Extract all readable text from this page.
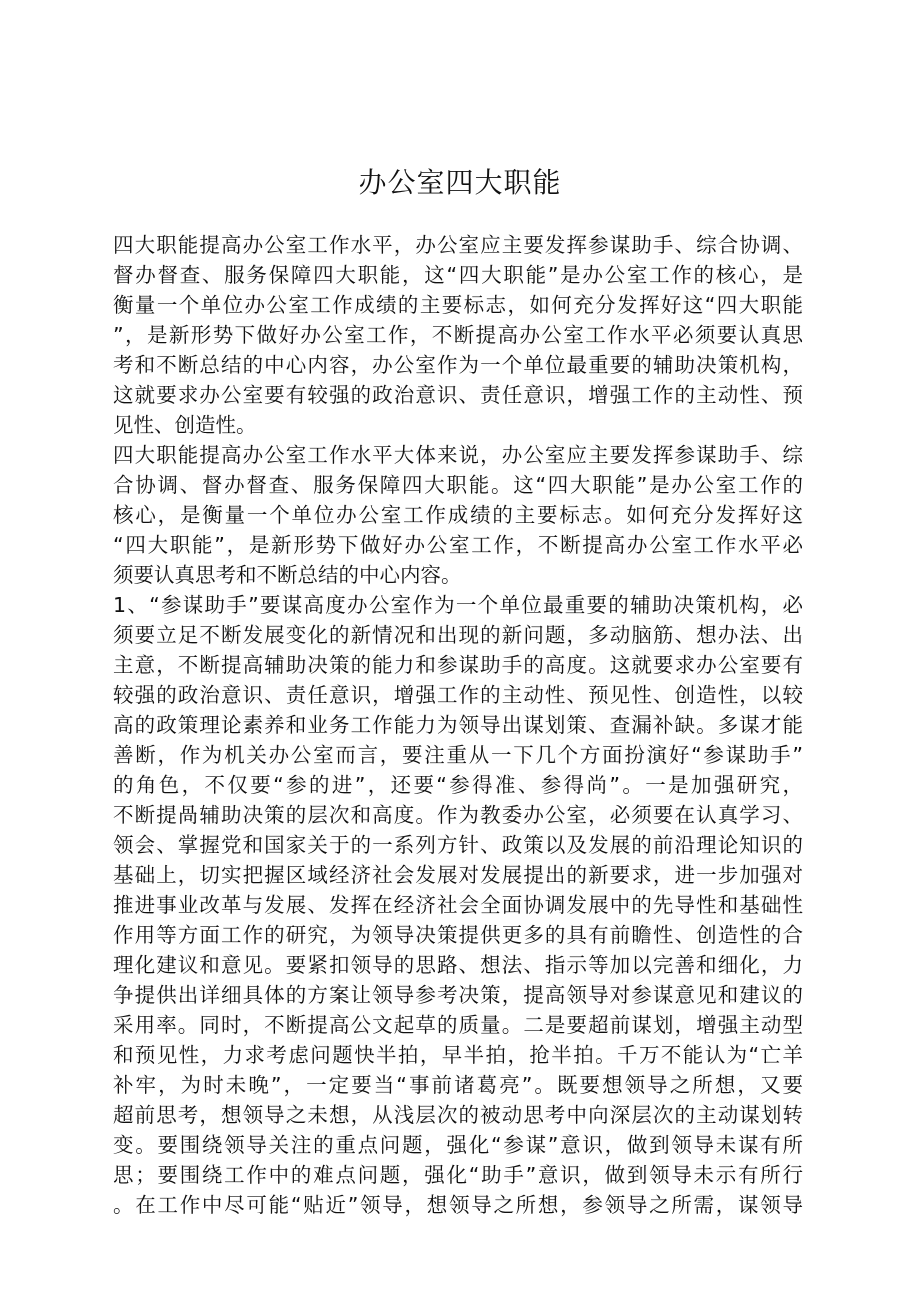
办公室四大职能
四大职能提高办公室工作水平，办公室应主要发挥参谋助手、综合协调、
督办督查、服务保障四大职能，这“四大职能”是办公室工作的核心，是
衡量一个单位办公室工作成绩的主要标志，如何充分发挥好这“四大职能
”，是新形势下做好办公室工作，不断提高办公室工作水平必须要认真思
考和不断总结的中心内容，办公室作为一个单位最重要的辅助决策机构，
这就要求办公室要有较强的政治意识、责任意识，增强工作的主动性、预
见性、创造性。
四大职能提高办公室工作水平大体来说，办公室应主要发挥参谋助手、综
合协调、督办督查、服务保障四大职能。这“四大职能”是办公室工作的
核心，是衡量一个单位办公室工作成绩的主要标志。如何充分发挥好这
“四大职能”，是新形势下做好办公室工作，不断提高办公室工作水平必
须要认真思考和不断总结的中心内容。
1、“参谋助手”要谋高度办公室作为一个单位最重要的辅助决策机构，必
须要立足不断发展变化的新情况和出现的新问题，多动脑筋、想办法、出
主意，不断提高辅助决策的能力和参谋助手的高度。这就要求办公室要有
较强的政治意识、责任意识，增强工作的主动性、预见性、创造性，以较
高的政策理论素养和业务工作能力为领导出谋划策、查漏补缺。多谋才能
善断，作为机关办公室而言，要注重从一下几个方面扮演好“参谋助手”
的角色，不仅要“参的进”，还要“参得准、参得尚”。一是加强研究，
不断提咼辅助决策的层次和高度。作为教委办公室，必须要在认真学习、
领会、掌握党和国家关于的一系列方针、政策以及发展的前沿理论知识的
基础上，切实把握区域经济社会发展对发展提出的新要求，进一步加强对
推进事业改革与发展、发挥在经济社会全面协调发展中的先导性和基础性
作用等方面工作的研究，为领导决策提供更多的具有前瞻性、创造性的合
理化建议和意见。要紧扣领导的思路、想法、指示等加以完善和细化，力
争提供出详细具体的方案让领导参考决策，提高领导对参谋意见和建议的
采用率。同时，不断提高公文起草的质量。二是要超前谋划，增强主动型
和预见性，力求考虑问题快半拍，早半拍，抢半拍。千万不能认为“亡羊
补牢，为时未晚”，一定要当“事前诸葛亮”。既要想领导之所想，又要
超前思考，想领导之未想，从浅层次的被动思考中向深层次的主动谋划转
变。要围绕领导关注的重点问题，强化“参谋”意识，做到领导未谋有所
思；要围绕工作中的难点问题，强化“助手”意识，做到领导未示有所行
。在工作中尽可能“贴近”领导，想领导之所想，参领导之所需，谋领导
